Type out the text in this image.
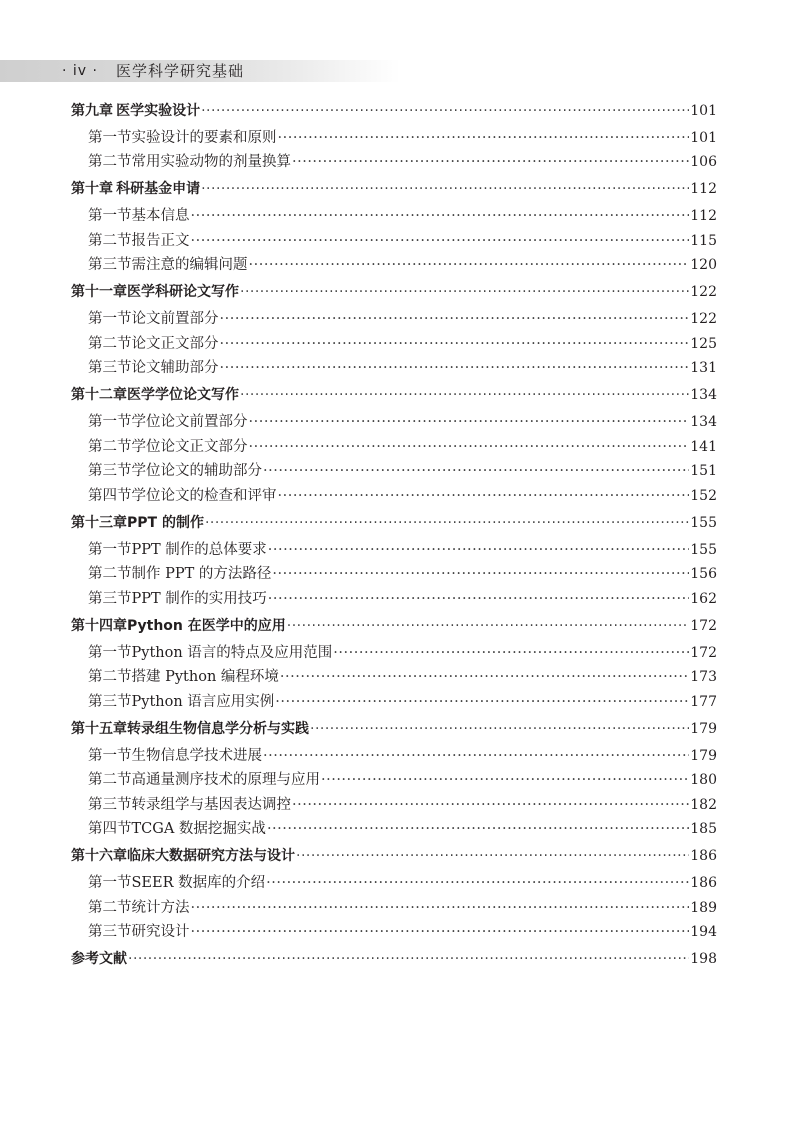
· iv · 医学科学研究基础
第九章 医学实验设计 ·····	101
第一节 实验设计的要素和原则 ·····	101
第二节 常用实验动物的剂量换算 ·····	106
第十章 科研基金申请 ·····	112
第一节 基本信息 ·····	112
第二节 报告正文 ·····	115
第三节 需注意的编辑问题 ·····	120
第十一章 医学科研论文写作 ·····	122
第一节 论文前置部分 ·····	122
第二节 论文正文部分 ·····	125
第三节 论文辅助部分 ·····	131
第十二章 医学学位论文写作 ·····	134
第一节 学位论文前置部分 ·····	134
第二节 学位论文正文部分 ·····	141
第三节 学位论文的辅助部分 ·····	151
第四节 学位论文的检查和评审 ·····	152
第十三章 PPT 的制作 ·····	155
第一节 PPT 制作的总体要求 ·····	155
第二节 制作 PPT 的方法路径 ·····	156
第三节 PPT 制作的实用技巧 ·····	162
第十四章 Python 在医学中的应用 ·····	172
第一节 Python 语言的特点及应用范围 ·····	172
第二节 搭建 Python 编程环境 ·····	173
第三节 Python 语言应用实例 ·····	177
第十五章 转录组生物信息学分析与实践 ·····	179
第一节 生物信息学技术进展 ·····	179
第二节 高通量测序技术的原理与应用 ·····	180
第三节 转录组学与基因表达调控 ·····	182
第四节 TCGA 数据挖掘实战 ·····	185
第十六章 临床大数据研究方法与设计 ·····	186
第一节 SEER 数据库的介绍 ·····	186
第二节 统计方法 ·····	189
第三节 研究设计 ·····	194
参考文献 ·····	198
